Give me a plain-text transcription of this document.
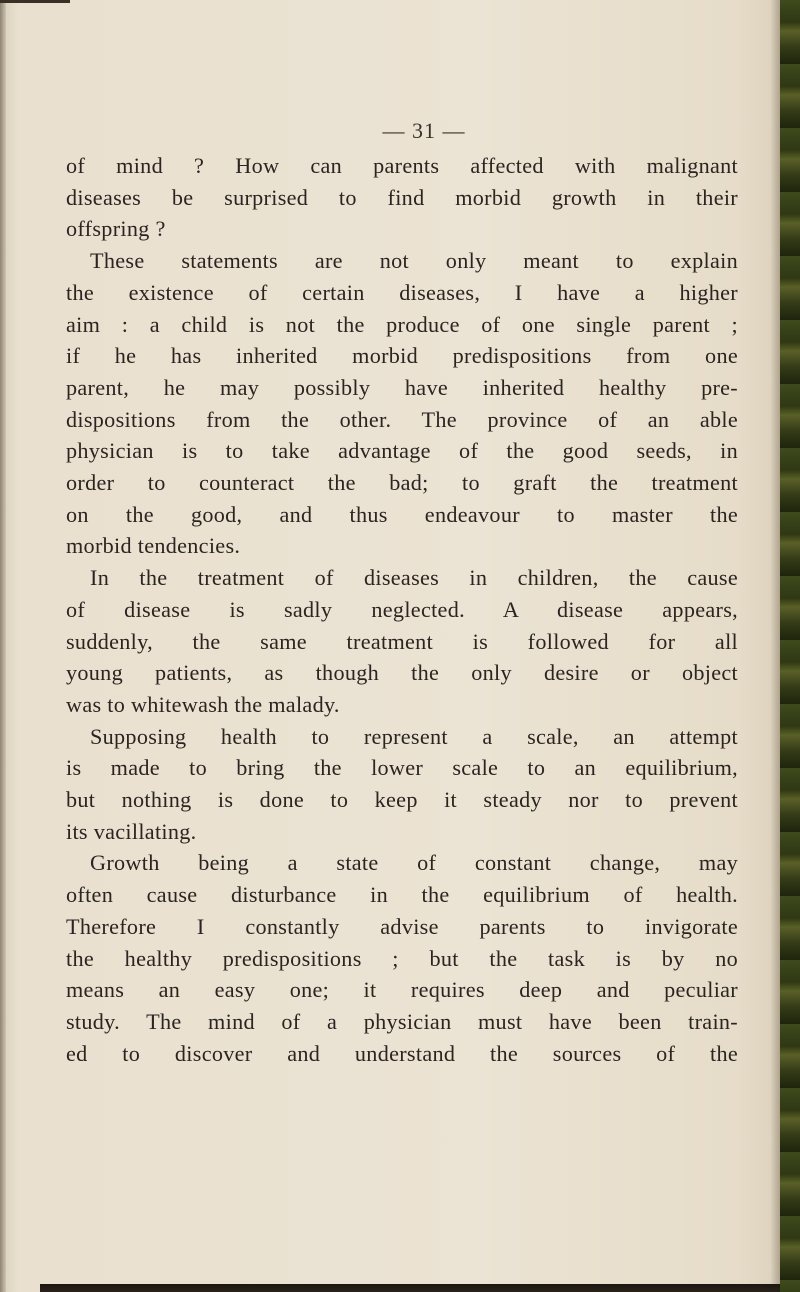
— 31 —
of mind ? How can parents affected with malignant
diseases be surprised to find morbid growth in their
offspring ?
These statements are not only meant to explain
the existence of certain diseases, I have a higher
aim : a child is not the produce of one single parent ;
if he has inherited morbid predispositions from one
parent, he may possibly have inherited healthy pre-
dispositions from the other. The province of an able
physician is to take advantage of the good seeds, in
order to counteract the bad; to graft the treatment
on the good, and thus endeavour to master the
morbid tendencies.
In the treatment of diseases in children, the cause
of disease is sadly neglected. A disease appears,
suddenly, the same treatment is followed for all
young patients, as though the only desire or object
was to whitewash the malady.
Supposing health to represent a scale, an attempt
is made to bring the lower scale to an equilibrium,
but nothing is done to keep it steady nor to prevent
its vacillating.
Growth being a state of constant change, may
often cause disturbance in the equilibrium of health.
Therefore I constantly advise parents to invigorate
the healthy predispositions ; but the task is by no
means an easy one; it requires deep and peculiar
study. The mind of a physician must have been train-
ed to discover and understand the sources of the
